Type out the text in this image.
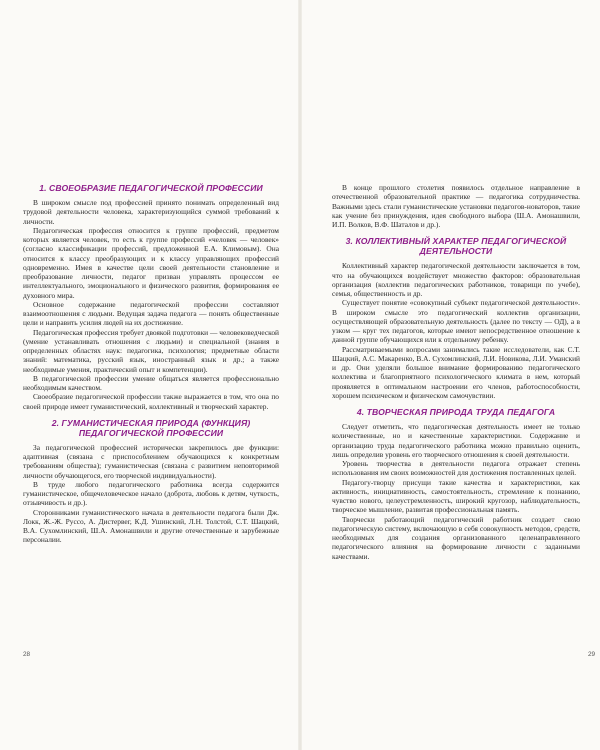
1. СВОЕОБРАЗИЕ ПЕДАГОГИЧЕСКОЙ ПРОФЕССИИ

В широком смысле под профессией принято понимать определенный вид трудовой деятельности человека, характеризующийся суммой требований к личности.

Педагогическая профессия относится к группе профессий, предметом которых является человек, то есть к группе профессий «человек — человек» (согласно классификации профессий, предложенной Е.А. Климовым). Она относится к классу преобразующих и к классу управляющих профессий одновременно. Имея в качестве цели своей деятельности становление и преобразование личности, педагог призван управлять процессом ее интеллектуального, эмоционального и физического развития, формирования ее духовного мира.

Основное содержание педагогической профессии составляют взаимоотношения с людьми. Ведущая задача педагога — понять общественные цели и направить усилия людей на их достижение.

Педагогическая профессия требует двоякой подготовки — человековедческой (умение устанавливать отношения с людьми) и специальной (знания в определенных областях наук: педагогика, психология; предметные области знаний: математика, русский язык, иностранный язык и др.; а также необходимые умения, практический опыт и компетенции).

В педагогической профессии умение общаться является профессионально необходимым качеством.

Своеобразие педагогической профессии также выражается в том, что она по своей природе имеет гуманистический, коллективный и творческий характер.

2. ГУМАНИСТИЧЕСКАЯ ПРИРОДА (ФУНКЦИЯ)
ПЕДАГОГИЧЕСКОЙ ПРОФЕССИИ

За педагогической профессией исторически закрепилось две функции: адаптивная (связана с приспособлением обучающихся к конкретным требованиям общества); гуманистическая (связана с развитием неповторимой личности обучающегося, его творческой индивидуальности).

В труде любого педагогического работника всегда содержится гуманистическое, общечеловеческое начало (доброта, любовь к детям, чуткость, отзывчивость и др.).

Сторонниками гуманистического начала в деятельности педагога были Дж. Локк, Ж.-Ж. Руссо, А. Дистервег, К.Д. Ушинский, Л.Н. Толстой, С.Т. Шацкий, В.А. Сухомлинский, Ш.А. Амонашвили и другие отечественные и зарубежные персоналии.

28

В конце прошлого столетия появилось отдельное направление в отечественной образовательной практике — педагогика сотрудничества. Важными здесь стали гуманистические установки педагогов-новаторов, такие как учение без принуждения, идея свободного выбора (Ш.А. Амонашвили, И.П. Волков, В.Ф. Шаталов и др.).

3. КОЛЛЕКТИВНЫЙ ХАРАКТЕР ПЕДАГОГИЧЕСКОЙ
ДЕЯТЕЛЬНОСТИ

Коллективный характер педагогической деятельности заключается в том, что на обучающихся воздействует множество факторов: образовательная организация (коллектив педагогических работников, товарищи по учебе), семья, общественность и др.

Существует понятие «совокупный субъект педагогической деятельности». В широком смысле это педагогический коллектив организации, осуществляющей образовательную деятельность (далее по тексту — ОД), а в узком — круг тех педагогов, которые имеют непосредственное отношение к данной группе обучающихся или к отдельному ребенку.

Рассматриваемыми вопросами занимались такие исследователи, как С.Т. Шацкий, А.С. Макаренко, В.А. Сухомлинский, Л.И. Новикова, Л.И. Уманский и др. Они уделяли большое внимание формированию педагогического коллектива и благоприятного психологического климата в нем, который проявляется в оптимальном настроении его членов, работоспособности, хорошем психическом и физическом самочувствии.

4. ТВОРЧЕСКАЯ ПРИРОДА ТРУДА ПЕДАГОГА

Следует отметить, что педагогическая деятельность имеет не только количественные, но и качественные характеристики. Содержание и организацию труда педагогического работника можно правильно оценить, лишь определив уровень его творческого отношения к своей деятельности.

Уровень творчества в деятельности педагога отражает степень использования им своих возможностей для достижения поставленных целей.

Педагогу-творцу присущи такие качества и характеристики, как активность, инициативность, самостоятельность, стремление к познанию, чувство нового, целеустремленность, широкий кругозор, наблюдательность, творческое мышление, развитая профессиональная память.

Творчески работающий педагогический работник создает свою педагогическую систему, включающую в себя совокупность методов, средств, необходимых для создания организованного целенаправленного педагогического влияния на формирование личности с заданными качествами.

29
